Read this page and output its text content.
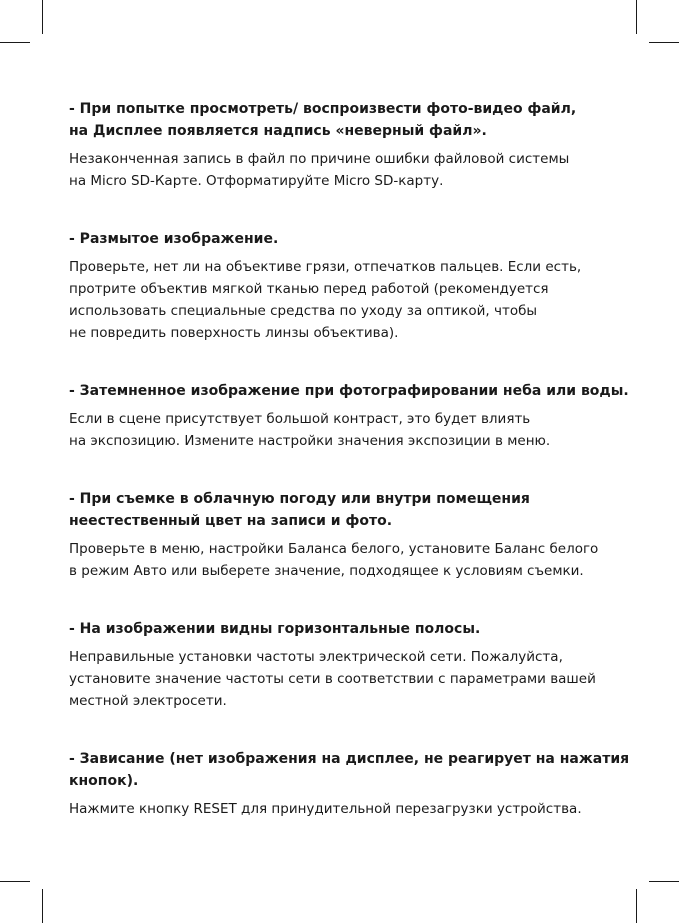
- При попытке просмотреть/ воспроизвести фото-видео файл,
на Дисплее появляется надпись «неверный файл».

Незаконченная запись в файл по причине ошибки файловой системы
на Micro SD-Карте. Отформатируйте Micro SD-карту.

- Размытое изображение.

Проверьте, нет ли на объективе грязи, отпечатков пальцев. Если есть,
протрите объектив мягкой тканью перед работой (рекомендуется
использовать специальные средства по уходу за оптикой, чтобы
не повредить поверхность линзы объектива).

- Затемненное изображение при фотографировании неба или воды.

Если в сцене присутствует большой контраст, это будет влиять
на экспозицию. Измените настройки значения экспозиции в меню.

- При съемке в облачную погоду или внутри помещения
неестественный цвет на записи и фото.

Проверьте в меню, настройки Баланса белого, установите Баланс белого
в режим Авто или выберете значение, подходящее к условиям съемки.

- На изображении видны горизонтальные полосы.

Неправильные установки частоты электрической сети. Пожалуйста,
установите значение частоты сети в соответствии с параметрами вашей
местной электросети.

- Зависание (нет изображения на дисплее, не реагирует на нажатия
кнопок).

Нажмите кнопку RESET для принудительной перезагрузки устройства.
